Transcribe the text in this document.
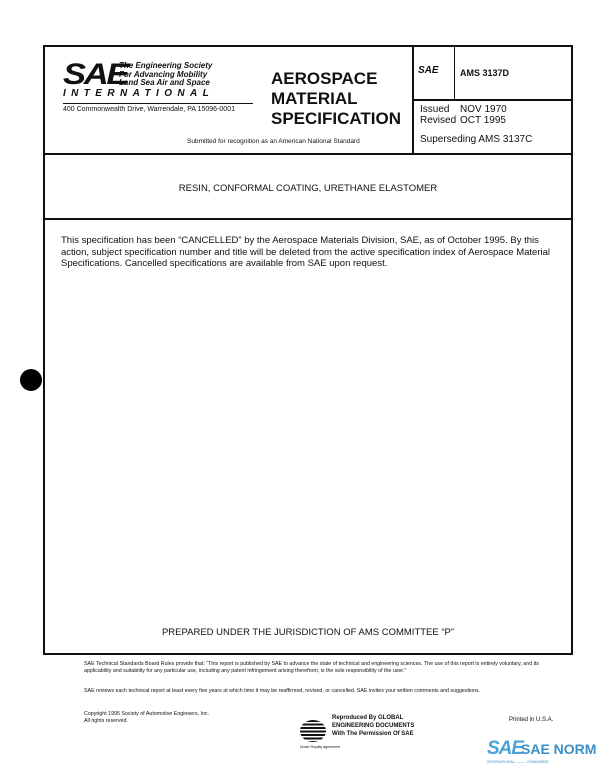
SAE
The Engineering Society
For Advancing Mobility
Land Sea Air and Space
INTERNATIONAL
400 Commonwealth Drive, Warrendale, PA 15096-0001
AEROSPACE
MATERIAL
SPECIFICATION
Submitted for recognition as an American National Standard
SAE AMS 3137D
Issued NOV 1970
Revised OCT 1995
Superseding AMS 3137C
RESIN, CONFORMAL COATING, URETHANE ELASTOMER
This specification has been “CANCELLED” by the Aerospace Materials Division, SAE, as of October 1995. By this action, subject specification number and title will be deleted from the active specification index of Aerospace Material Specifications. Cancelled specifications are available from SAE upon request.
PREPARED UNDER THE JURISDICTION OF AMS COMMITTEE “P”
SAE Technical Standards Board Rules provide that: “This report is published by SAE to advance the state of technical and engineering sciences. The use of this report is entirely voluntary, and its applicability and suitability for any particular use, including any patent infringement arising therefrom, is the sole responsibility of the user.”
SAE reviews each technical report at least every five years at which time it may be reaffirmed, revised, or cancelled. SAE invites your written comments and suggestions.
Copyright 1995 Society of Automotive Engineers, Inc.
All rights reserved.	Reproduced By GLOBAL
ENGINEERING DOCUMENTS
With The Permission Of SAE
Under Royalty Agreement
Printed in U.S.A.
SAE
SAE NORM
INTERNATIONAL ——— STANDARDS
